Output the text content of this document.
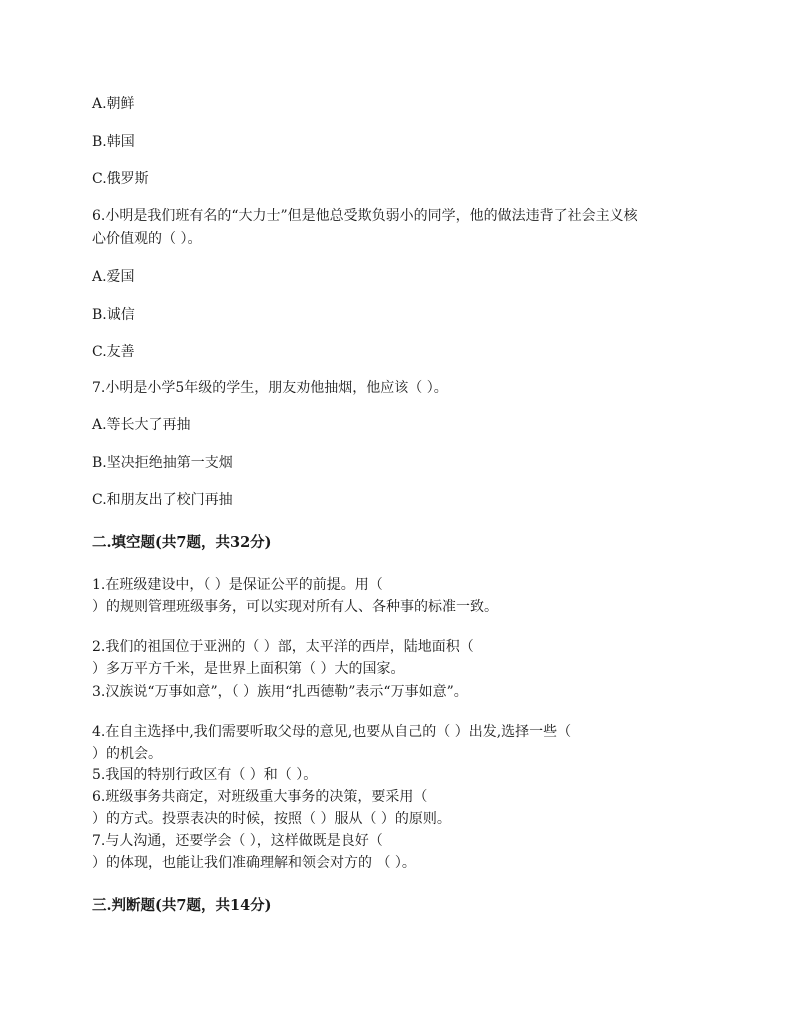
A.朝鲜
B.韩国
C.俄罗斯
6.小明是我们班有名的“大力士”但是他总受欺负弱小的同学，他的做法违背了社会主义核
心价值观的（ ）。
A.爱国
B.诚信
C.友善
7.小明是小学5年级的学生，朋友劝他抽烟，他应该（ ）。
A.等长大了再抽
B.坚决拒绝抽第一支烟
C.和朋友出了校门再抽
二.填空题(共7题，共32分)
1.在班级建设中，（ ）是保证公平的前提。用（
）的规则管理班级事务，可以实现对所有人、各种事的标准一致。
2.我们的祖国位于亚洲的（ ）部，太平洋的西岸，陆地面积（
）多万平方千米，是世界上面积第（ ）大的国家。
3.汉族说“万事如意”，（ ）族用“扎西德勒”表示“万事如意”。
4.在自主选择中,我们需要听取父母的意见,也要从自己的（ ）出发,选择一些（
）的机会。
5.我国的特别行政区有（ ）和（ ）。
6.班级事务共商定，对班级重大事务的决策，要采用（
）的方式。投票表决的时候，按照（ ）服从（ ）的原则。
7.与人沟通，还要学会（ ），这样做既是良好（
）的体现，也能让我们准确理解和领会对方的 （ ）。
三.判断题(共7题，共14分)
